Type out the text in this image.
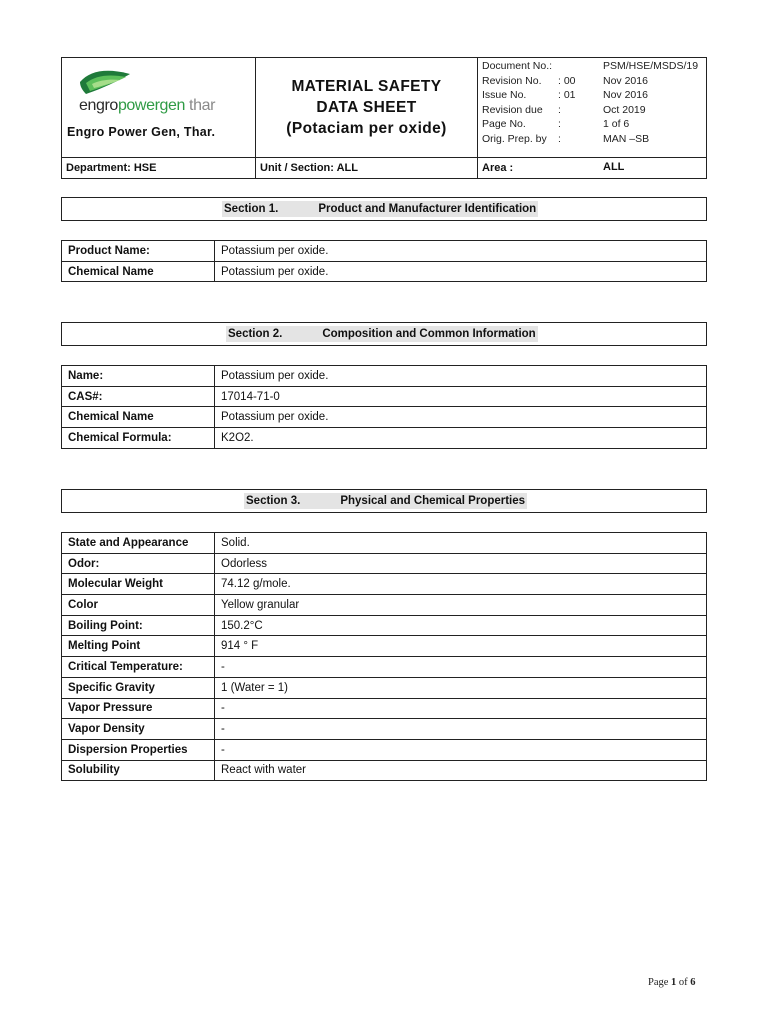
engropowergen thar
Engro Power Gen, Thar.
MATERIAL SAFETY
DATA SHEET
(Potaciam per oxide)
Document No.:	PSM/HSE/MSDS/19
Revision No. : 00	Nov 2016
Issue No.	: 01	Nov 2016
Revision due :	Oct 2019
Page No.	:	1 of 6
Orig. Prep. by :	MAN –SB
Department: HSE	Unit / Section: ALL	Area :	ALL
Section 1.	Product and Manufacturer Identification
Product Name:	Potassium per oxide.
Chemical Name	Potassium per oxide.
Section 2.	Composition and Common Information
Name:	Potassium per oxide.
CAS#:	17014-71-0
Chemical Name	Potassium per oxide.
Chemical Formula:	K2O2.
Section 3.	Physical and Chemical Properties
State and Appearance	Solid.
Odor:	Odorless
Molecular Weight	74.12 g/mole.
Color	Yellow granular
Boiling Point:	150.2°C
Melting Point	914 ° F
Critical Temperature:	-
Specific Gravity	1 (Water = 1)
Vapor Pressure	-
Vapor Density	-
Dispersion Properties	-
Solubility	React with water
Page 1 of 6
